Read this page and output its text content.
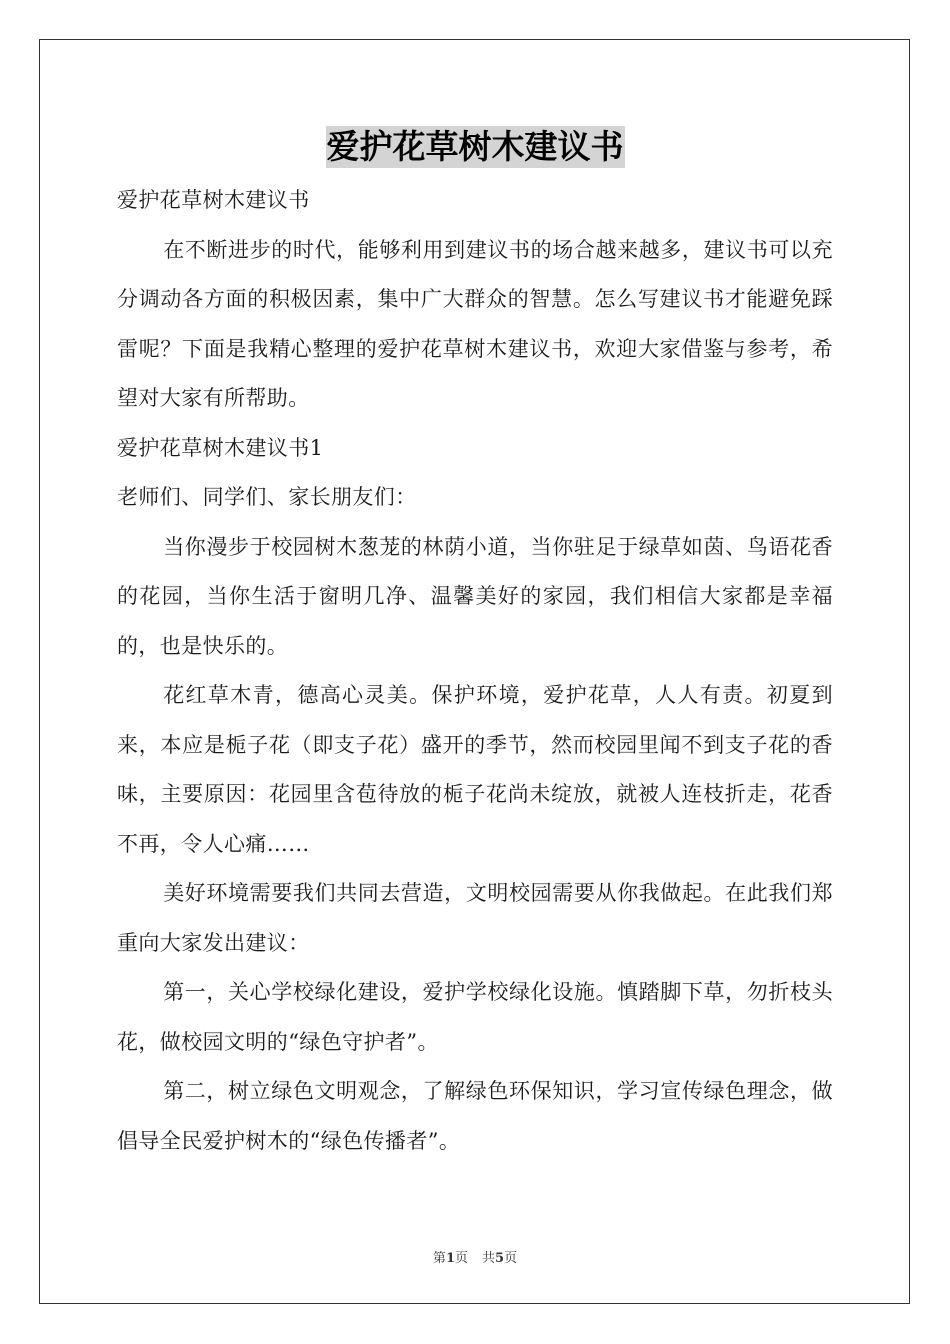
爱护花草树木建议书

爱护花草树木建议书

在不断进步的时代，能够利用到建议书的场合越来越多，建议书可以充分调动各方面的积极因素，集中广大群众的智慧。怎么写建议书才能避免踩雷呢？下面是我精心整理的爱护花草树木建议书，欢迎大家借鉴与参考，希望对大家有所帮助。

爱护花草树木建议书1

老师们、同学们、家长朋友们：

当你漫步于校园树木葱茏的林荫小道，当你驻足于绿草如茵、鸟语花香的花园，当你生活于窗明几净、温馨美好的家园，我们相信大家都是幸福的，也是快乐的。

花红草木青，德高心灵美。保护环境，爱护花草，人人有责。初夏到来，本应是栀子花（即支子花）盛开的季节，然而校园里闻不到支子花的香味，主要原因：花园里含苞待放的栀子花尚未绽放，就被人连枝折走，花香不再，令人心痛……

美好环境需要我们共同去营造，文明校园需要从你我做起。在此我们郑重向大家发出建议：

第一，关心学校绿化建设，爱护学校绿化设施。慎踏脚下草，勿折枝头花，做校园文明的“绿色守护者”。

第二，树立绿色文明观念，了解绿色环保知识，学习宣传绿色理念，做倡导全民爱护树木的“绿色传播者”。

第1页 共5页
